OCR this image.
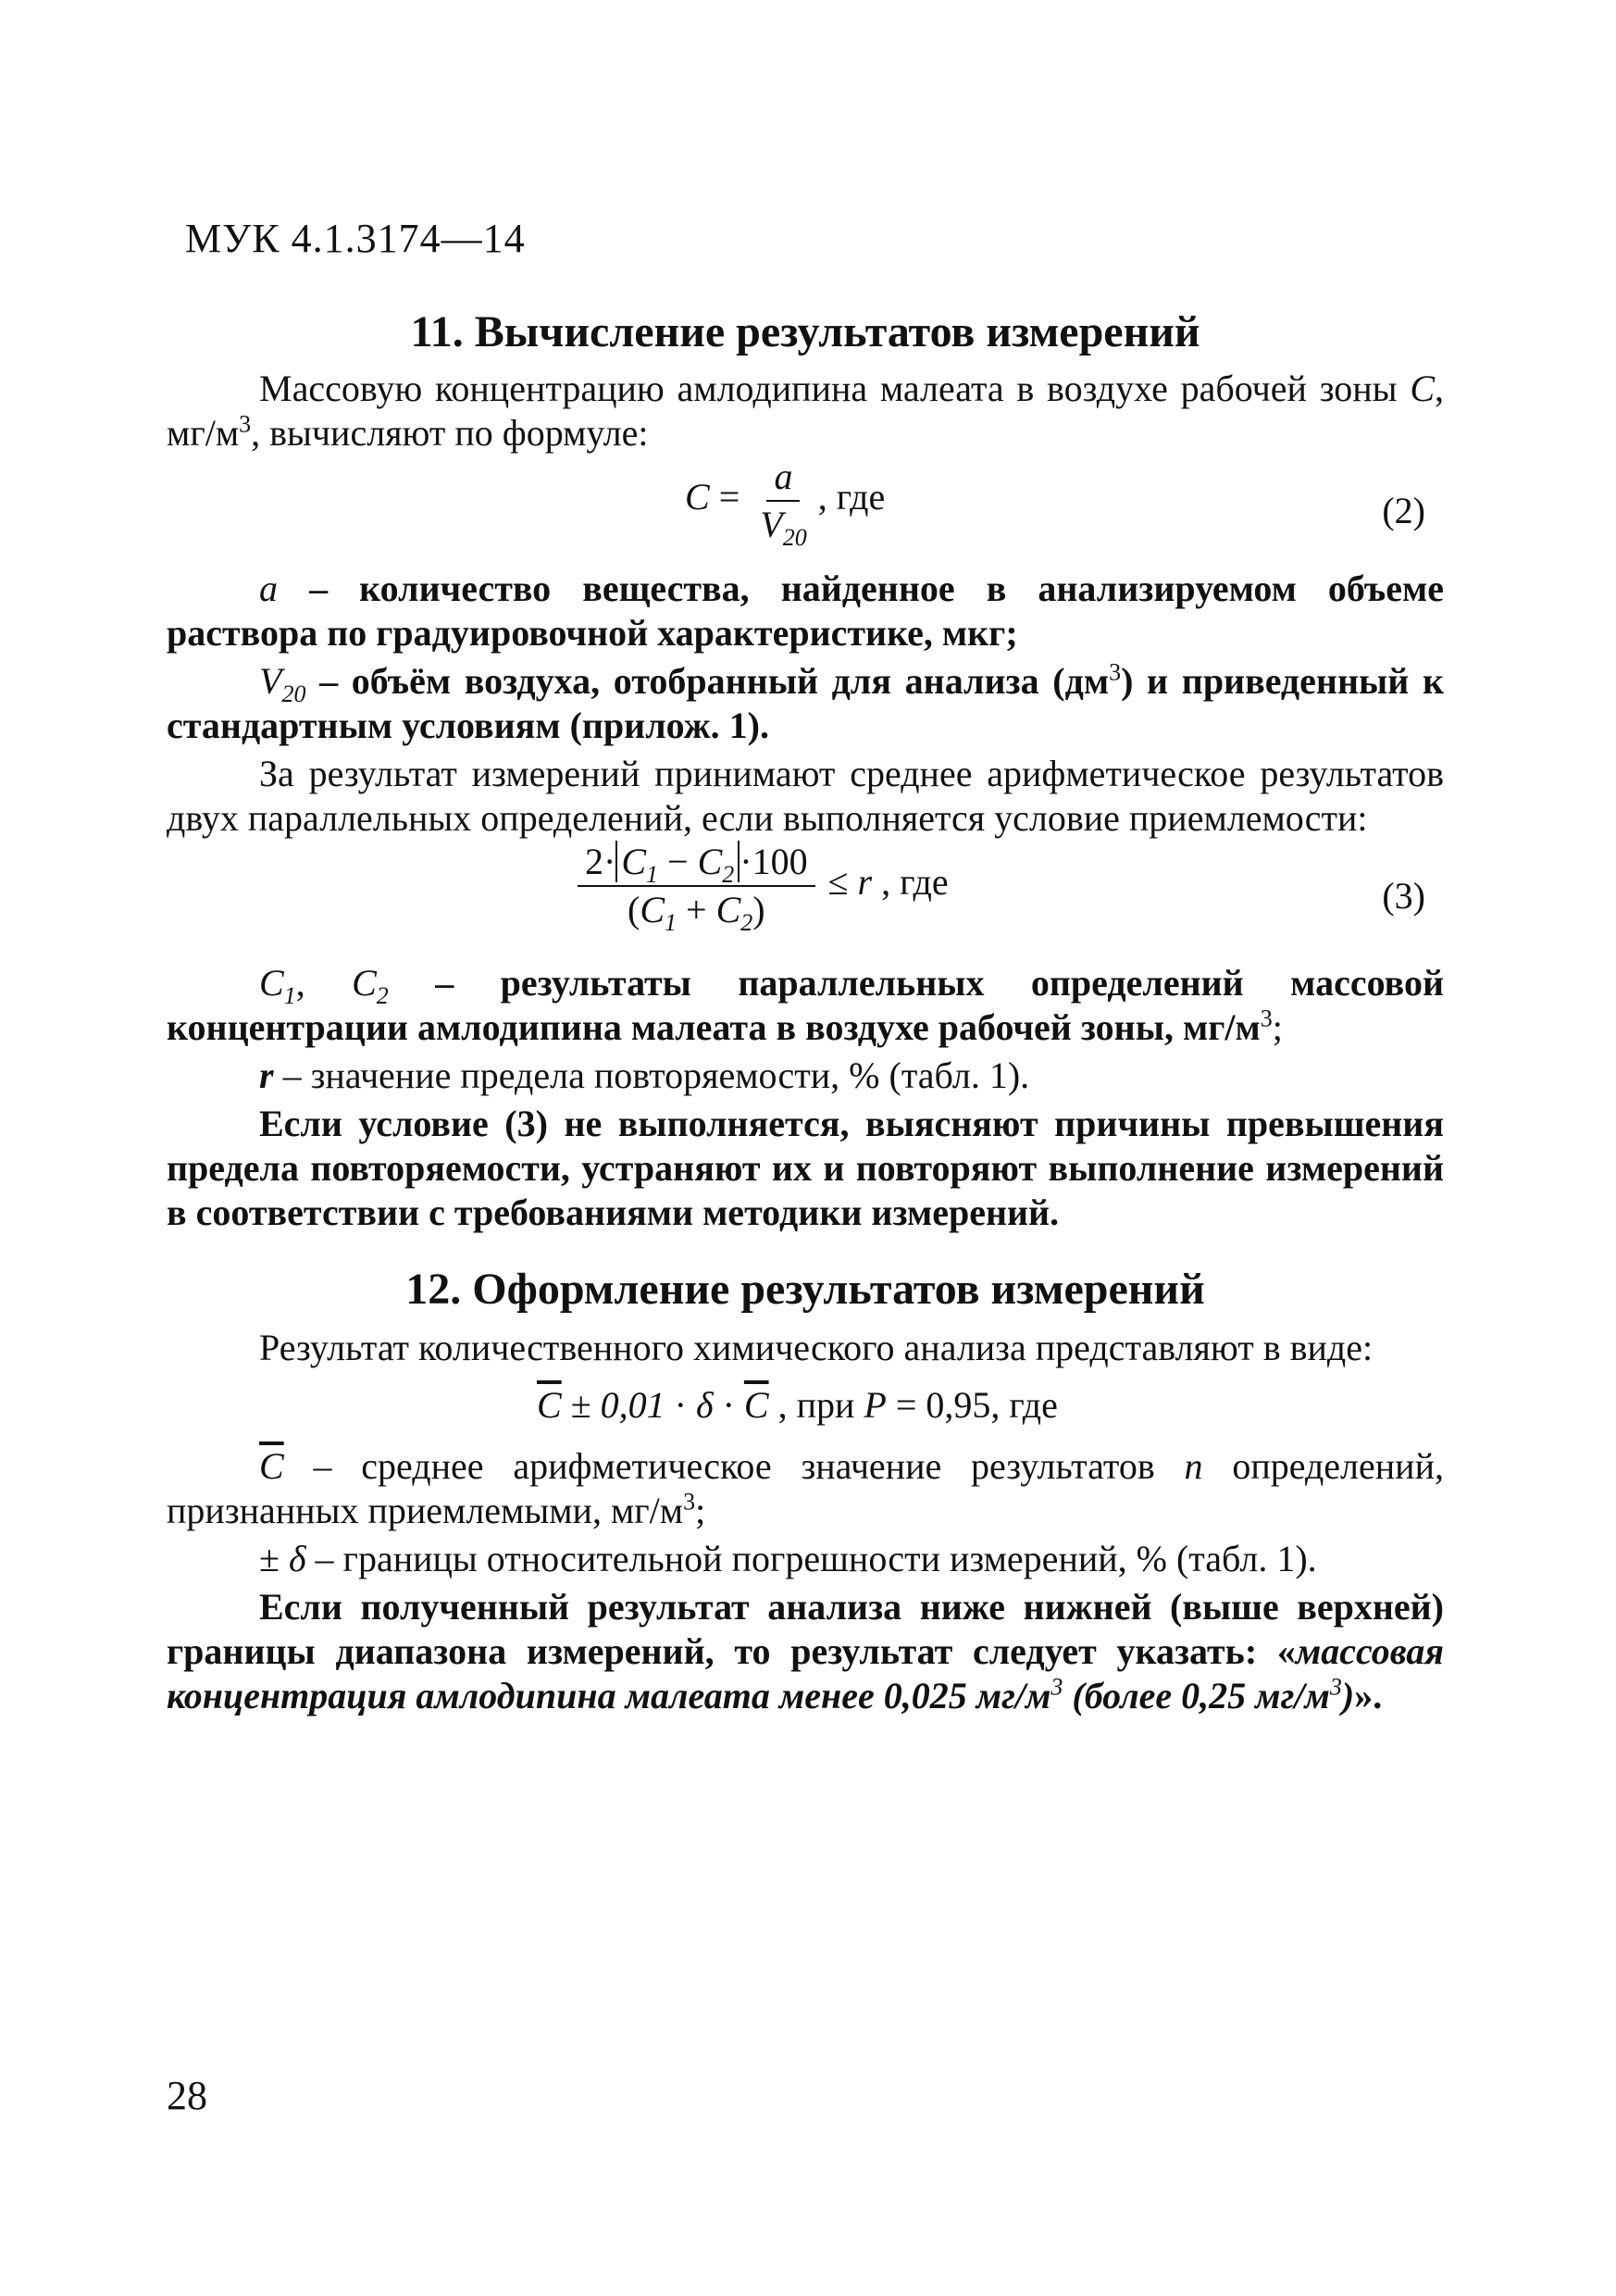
МУК 4.1.3174—14
11. Вычисление результатов измерений

Массовую концентрацию амлодипина малеата в воздухе рабочей зоны C, $мг/м^3$, вычисляют по формуле:

$C = \frac{a}{V_{20}}$ , где	(2)

a – количество вещества, найденное в анализируемом объеме раствора по градуировочной характеристике, мкг;

$V_{20}$ – объём воздуха, отобранный для анализа $(дм^3)$ и приведенный к стандартным условиям (прилож. 1).

За результат измерений принимают среднее арифметическое результатов двух параллельных определений, если выполняется условие приемлемости:

$\frac{2\cdot C_1 - C_2 \cdot 100}{(C_1 + C_2)} \le r$ , где	(3)

$C_1$, $C_2$ – результаты параллельных определений массовой концентрации амлодипина малеата в воздухе рабочей зоны, $мг/м^3$;

r – значение предела повторяемости, % (табл. 1).

Если условие (3) не выполняется, выясняют причины превышения предела повторяемости, устраняют их и повторяют выполнение измерений в соответствии с требованиями методики измерений.

12. Оформление результатов измерений

Результат количественного химического анализа представляют в виде:

$\overline{C} \pm 0,01 \cdot \delta \cdot \overline{C}$ , при P = 0,95, где

$\overline{C}$ – среднее арифметическое значение результатов n определений, признанных приемлемыми, $мг/м^3$;

± δ – границы относительной погрешности измерений, % (табл. 1).

Если полученный результат анализа ниже нижней (выше верхней) границы диапазона измерений, то результат следует указать: «массовая концентрация амлодипина малеата менее 0,025 $мг/м^3$ (более 0,25 $мг/м^3$)».

28
